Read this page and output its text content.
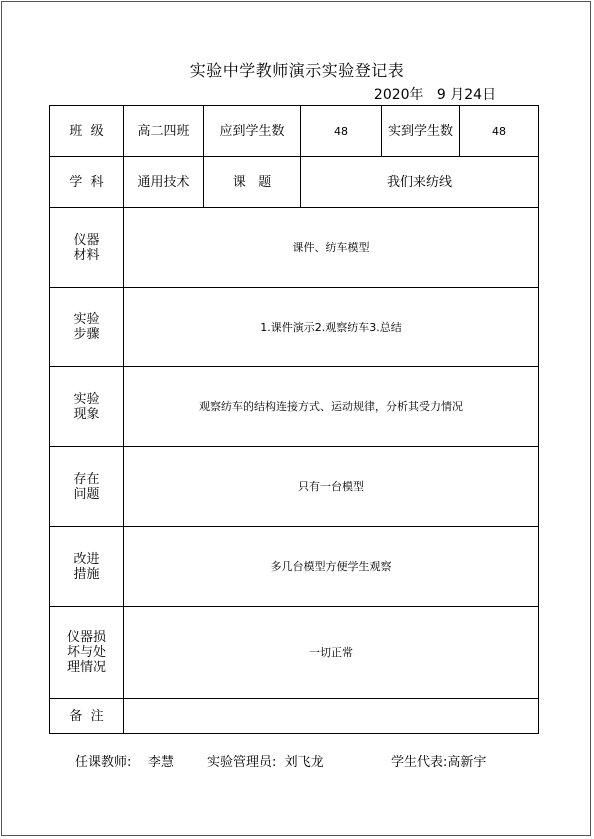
实验中学教师演示实验登记表
2020年   9 月24日
班  级	高二四班	应到学生数	48	实到学生数	48
学  科	通用技术	课   题	我们来纺线		
仪器
材料	课件、纺车模型				
实验
步骤	1.课件演示2.观察纺车3.总结				
实验
现象	观察纺车的结构连接方式、运动规律，分析其受力情况				
存在
问题	只有一台模型				
改进
措施	多几台模型方便学生观察				
仪器损
坏与处
理情况	一切正常				
备  注					
任课教师:    李慧	实验管理员:  刘飞龙	学生代表:高新宇
